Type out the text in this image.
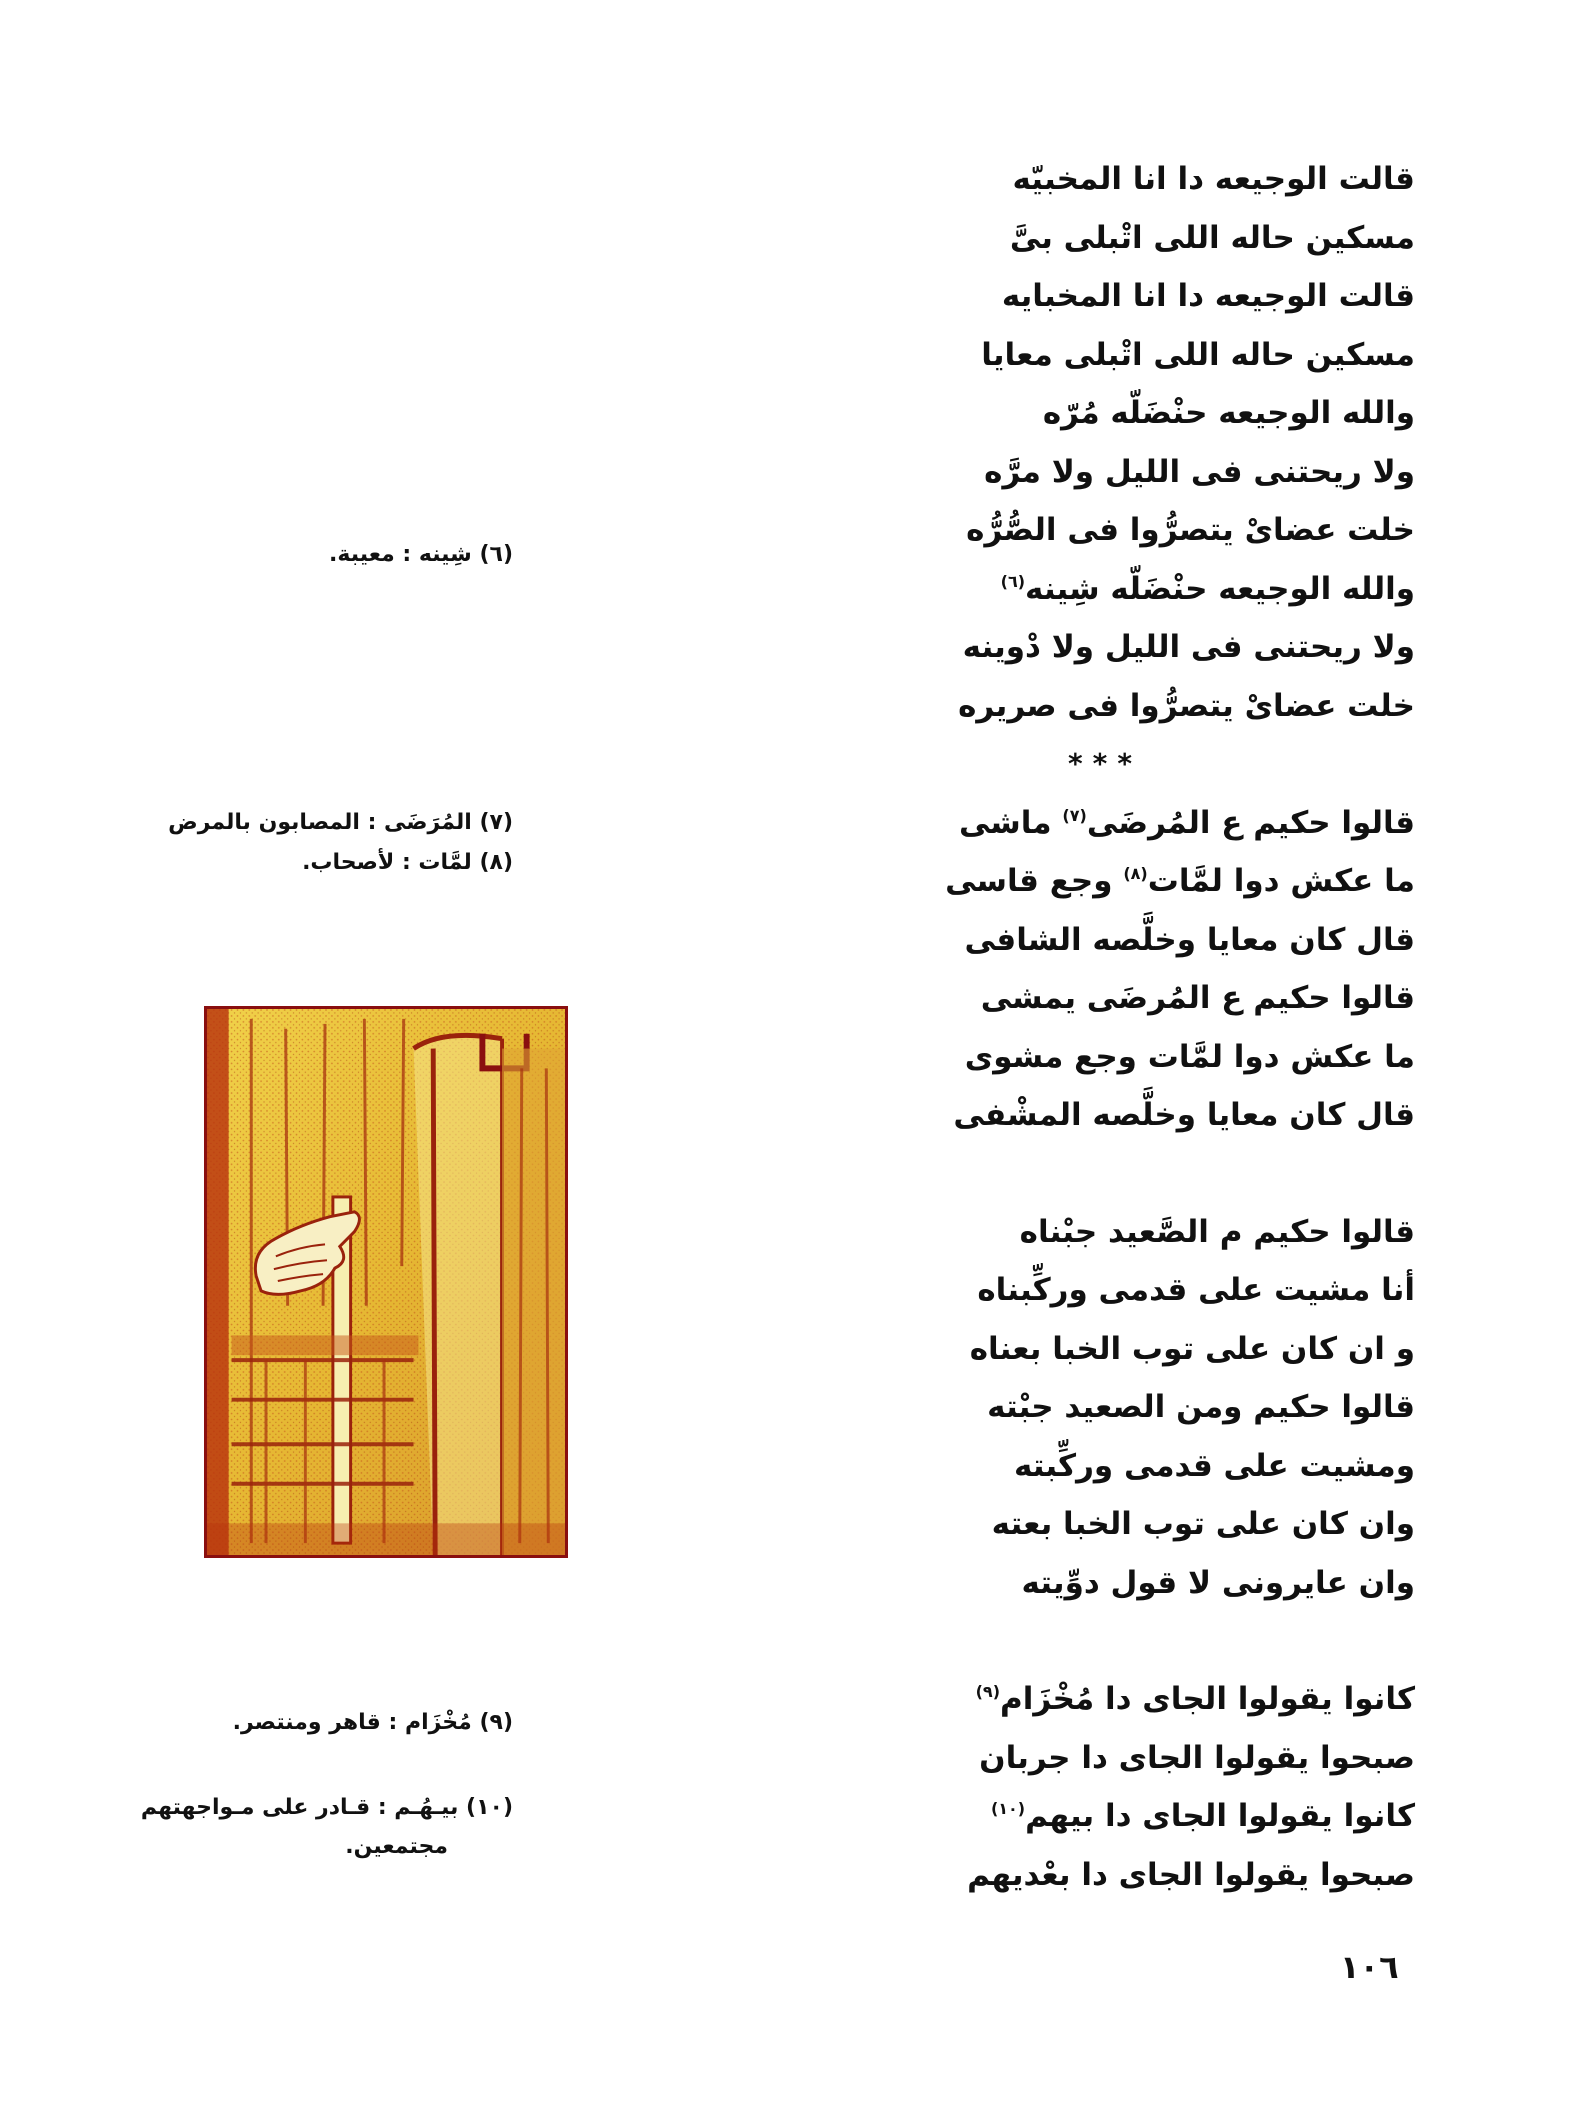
قالت الوجيعه دا انا المخبيّه
مسكين حاله اللى اتْبلى بىَّ
قالت الوجيعه دا انا المخبايه
مسكين حاله اللى اتْبلى معايا
والله الوجيعه حنْضَلّه مُرّه
ولا ريحتنى فى الليل ولا مرَّه
خلت عضاىْ يتصرُّوا فى الصُّرُّه
والله الوجيعه حنْضَلّه شِينه$^{(٦)}$
ولا ريحتنى فى الليل ولا دْوينه
خلت عضاىْ يتصرُّوا فى صريره
***
قالوا حكيم ع المُرضَى$^{(٧)}$ ماشى
ما عكش دوا لمَّات$^{(٨)}$ وجع قاسى
قال كان معايا وخلَّصه الشافى
قالوا حكيم ع المُرضَى يمشى
ما عكش دوا لمَّات وجع مشوى
قال كان معايا وخلَّصه المشْفى
قالوا حكيم م الصَّعيد جبْناه
أنا مشيت على قدمى وركِّبناه
و ان كان على توب الخبا بعناه
قالوا حكيم ومن الصعيد جبْته
ومشيت على قدمى وركِّبته
وان كان على توب الخبا بعته
وان عايرونى لا قول دوِّيته
كانوا يقولوا الجاى دا مُخْزَام$^{(٩)}$
صبحوا يقولوا الجاى دا جربان
كانوا يقولوا الجاى دا بيهم$^{(١٠)}$
صبحوا يقولوا الجاى دا بعْديهم
(٦) شِينه : معيبة.
(٧) المُرَضَى : المصابون بالمرض
(٨) لمَّات : لأصحاب.
(٩) مُخْزَام : قاهر ومنتصر.
(١٠) بيـهُـم : قـادر على مـواجهتهم
مجتمعين.
١٠٦
